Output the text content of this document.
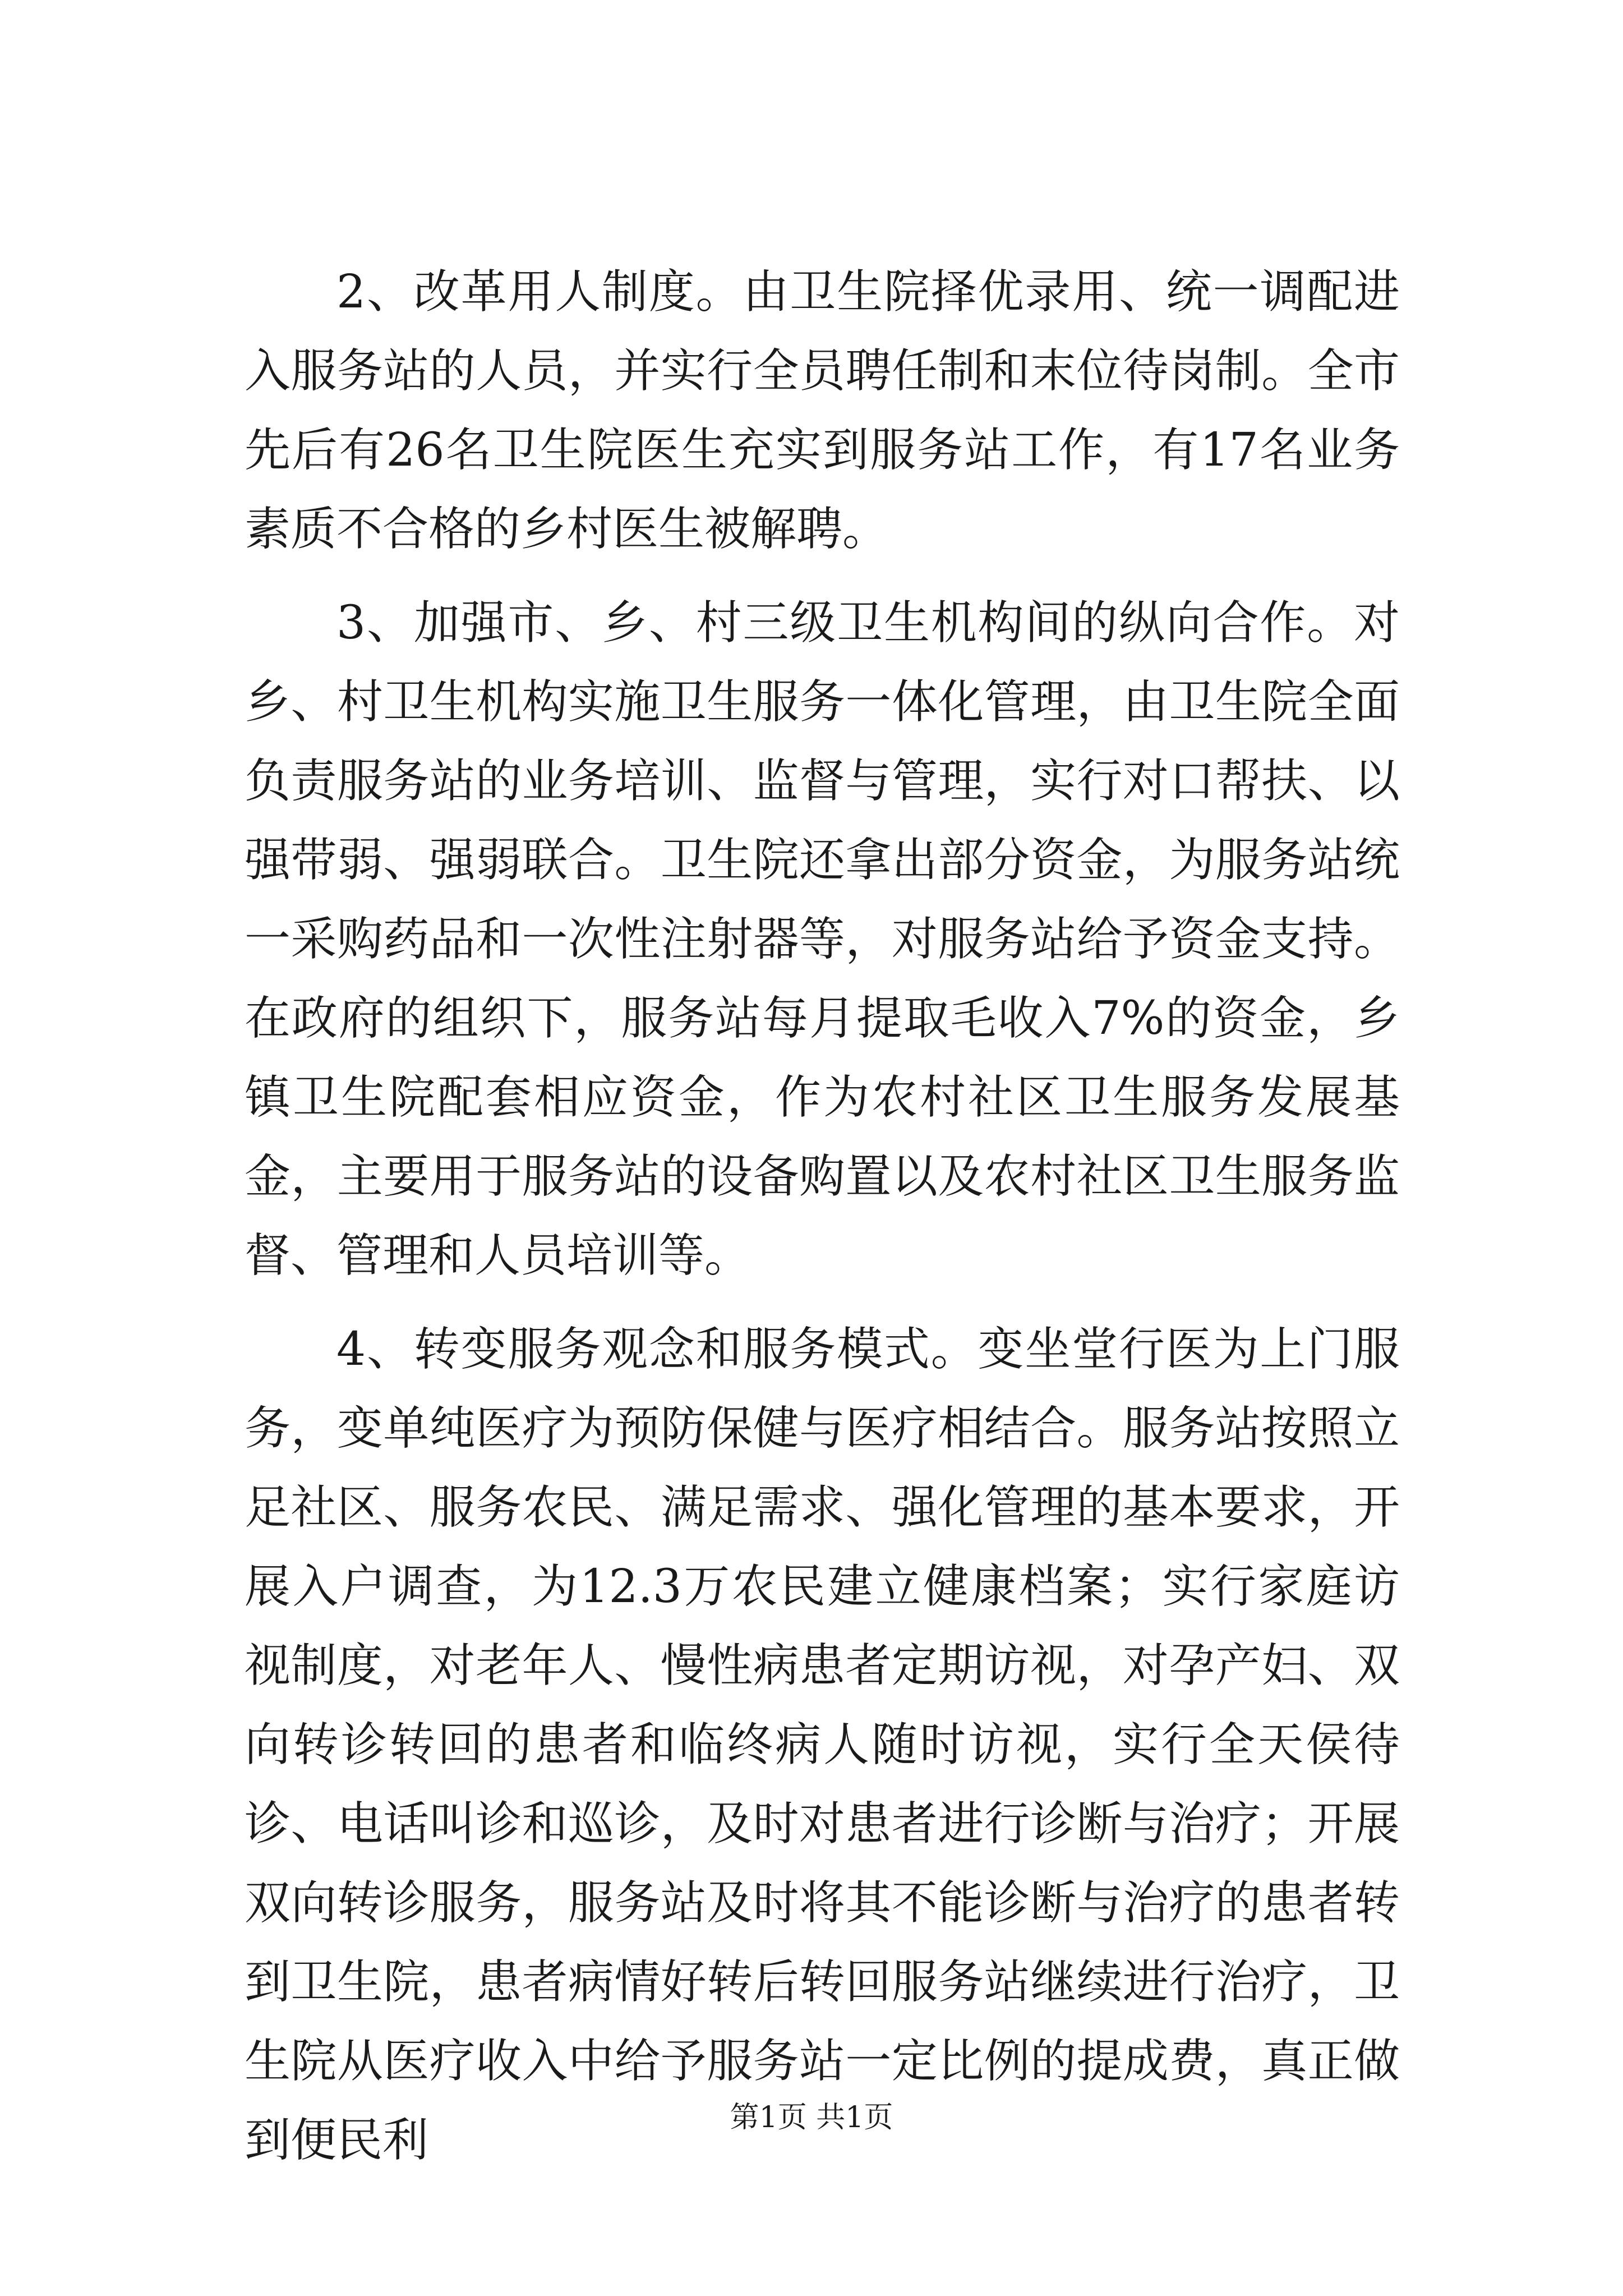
2、改革用人制度。由卫生院择优录用、统一调配进入服务站的人员，并实行全员聘任制和末位待岗制。全市先后有26名卫生院医生充实到服务站工作，有17名业务素质不合格的乡村医生被解聘。

3、加强市、乡、村三级卫生机构间的纵向合作。对乡、村卫生机构实施卫生服务一体化管理，由卫生院全面负责服务站的业务培训、监督与管理，实行对口帮扶、以强带弱、强弱联合。卫生院还拿出部分资金，为服务站统一采购药品和一次性注射器等，对服务站给予资金支持。在政府的组织下，服务站每月提取毛收入7%的资金，乡镇卫生院配套相应资金，作为农村社区卫生服务发展基金，主要用于服务站的设备购置以及农村社区卫生服务监督、管理和人员培训等。

4、转变服务观念和服务模式。变坐堂行医为上门服务，变单纯医疗为预防保健与医疗相结合。服务站按照立足社区、服务农民、满足需求、强化管理的基本要求，开展入户调查，为12.3万农民建立健康档案；实行家庭访视制度，对老年人、慢性病患者定期访视，对孕产妇、双向转诊转回的患者和临终病人随时访视，实行全天侯待诊、电话叫诊和巡诊，及时对患者进行诊断与治疗；开展双向转诊服务，服务站及时将其不能诊断与治疗的患者转到卫生院，患者病情好转后转回服务站继续进行治疗，卫生院从医疗收入中给予服务站一定比例的提成费，真正做到便民利	第1页 共1页
